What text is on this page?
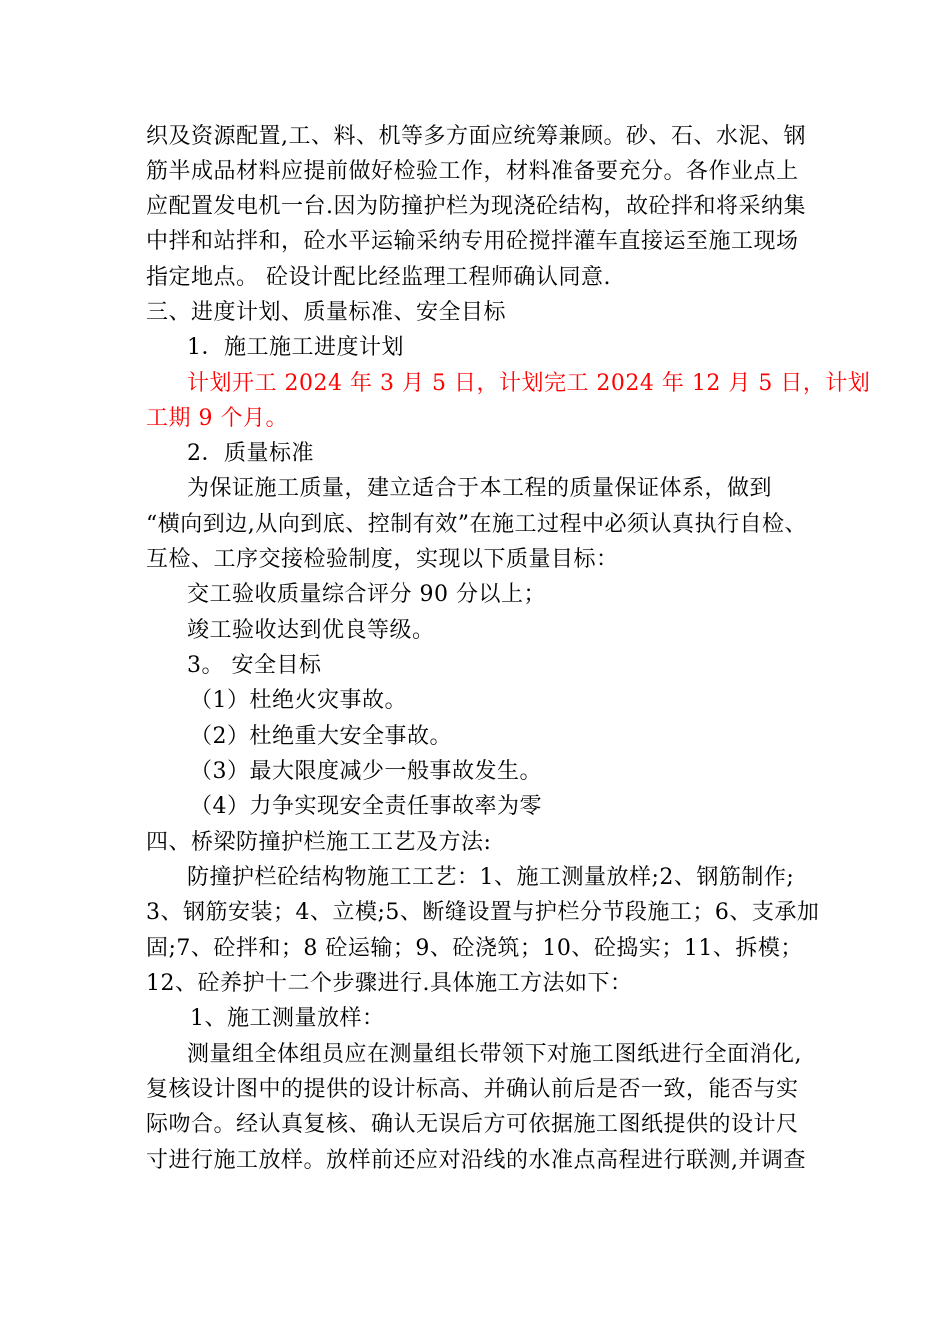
织及资源配置,工、料、机等多方面应统筹兼顾。砂、石、水泥、钢
筋半成品材料应提前做好检验工作，材料准备要充分。各作业点上
应配置发电机一台.因为防撞护栏为现浇砼结构，故砼拌和将采纳集
中拌和站拌和，砼水平运输采纳专用砼搅拌灌车直接运至施工现场
指定地点。 砼设计配比经监理工程师确认同意.
三、进度计划、质量标准、安全目标
1．施工施工进度计划
计划开工 2024 年 3 月 5 日，计划完工 2024 年 12 月 5 日，计划
工期 9 个月。
2．质量标准
为保证施工质量，建立适合于本工程的质量保证体系，做到
“横向到边,从向到底、控制有效”在施工过程中必须认真执行自检、
互检、工序交接检验制度，实现以下质量目标：
交工验收质量综合评分 90 分以上；
竣工验收达到优良等级。
3。 安全目标
（1）杜绝火灾事故。
（2）杜绝重大安全事故。
（3）最大限度减少一般事故发生。
（4）力争实现安全责任事故率为零
四、桥梁防撞护栏施工工艺及方法:
防撞护栏砼结构物施工工艺：1、施工测量放样;2、钢筋制作;
3、钢筋安装；4、立模;5、断缝设置与护栏分节段施工；6、支承加
固;7、砼拌和；8 砼运输；9、砼浇筑；10、砼捣实；11、拆模；
12、砼养护十二个步骤进行.具体施工方法如下：
1、施工测量放样：
测量组全体组员应在测量组长带领下对施工图纸进行全面消化,
复核设计图中的提供的设计标高、并确认前后是否一致，能否与实
际吻合。经认真复核、确认无误后方可依据施工图纸提供的设计尺
寸进行施工放样。放样前还应对沿线的水准点高程进行联测,并调查
